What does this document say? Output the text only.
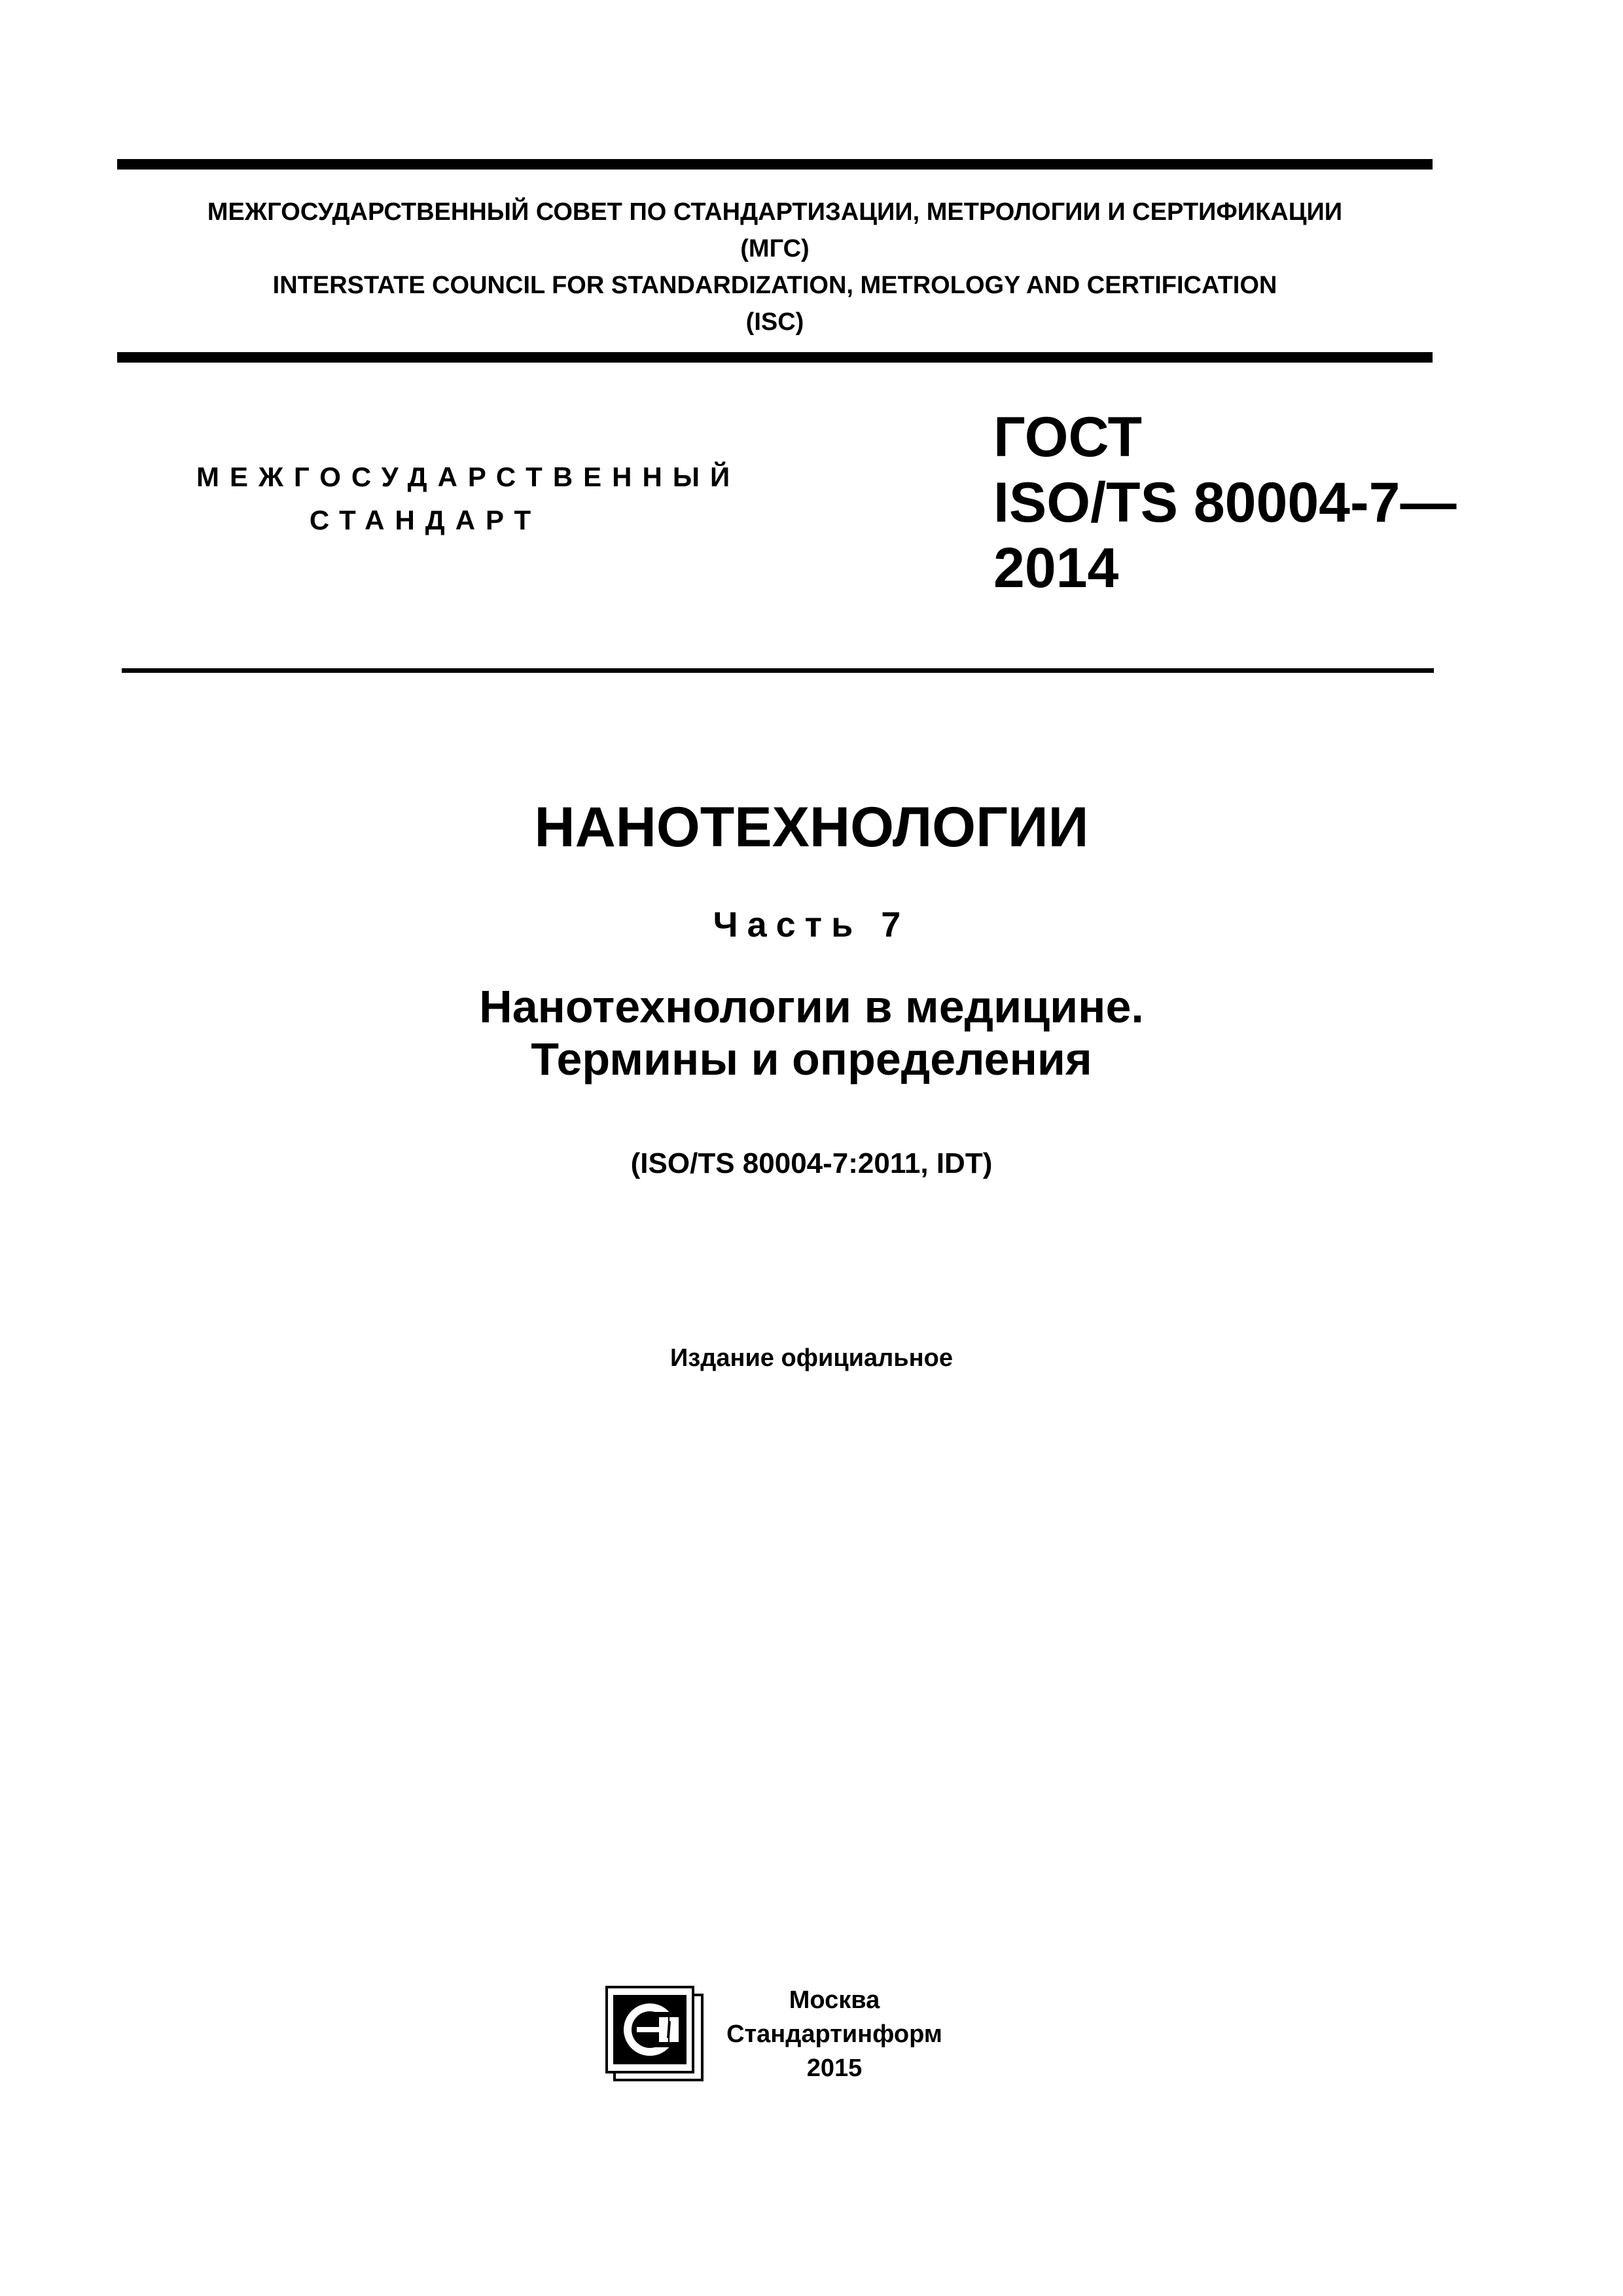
МЕЖГОСУДАРСТВЕННЫЙ СОВЕТ ПО СТАНДАРТИЗАЦИИ, МЕТРОЛОГИИ И СЕРТИФИКАЦИИ
(МГС)
INTERSTATE COUNCIL FOR STANDARDIZATION, METROLOGY AND CERTIFICATION
(ISC)
МЕЖГОСУДАРСТВЕННЫЙ
СТАНДАРТ
ГОСТ
ISO/TS 80004-7—
2014
НАНОТЕХНОЛОГИИ
Часть 7
Нанотехнологии в медицине.
Термины и определения
(ISO/TS 80004-7:2011, IDT)
Издание официальное
Москва
Стандартинформ
2015
